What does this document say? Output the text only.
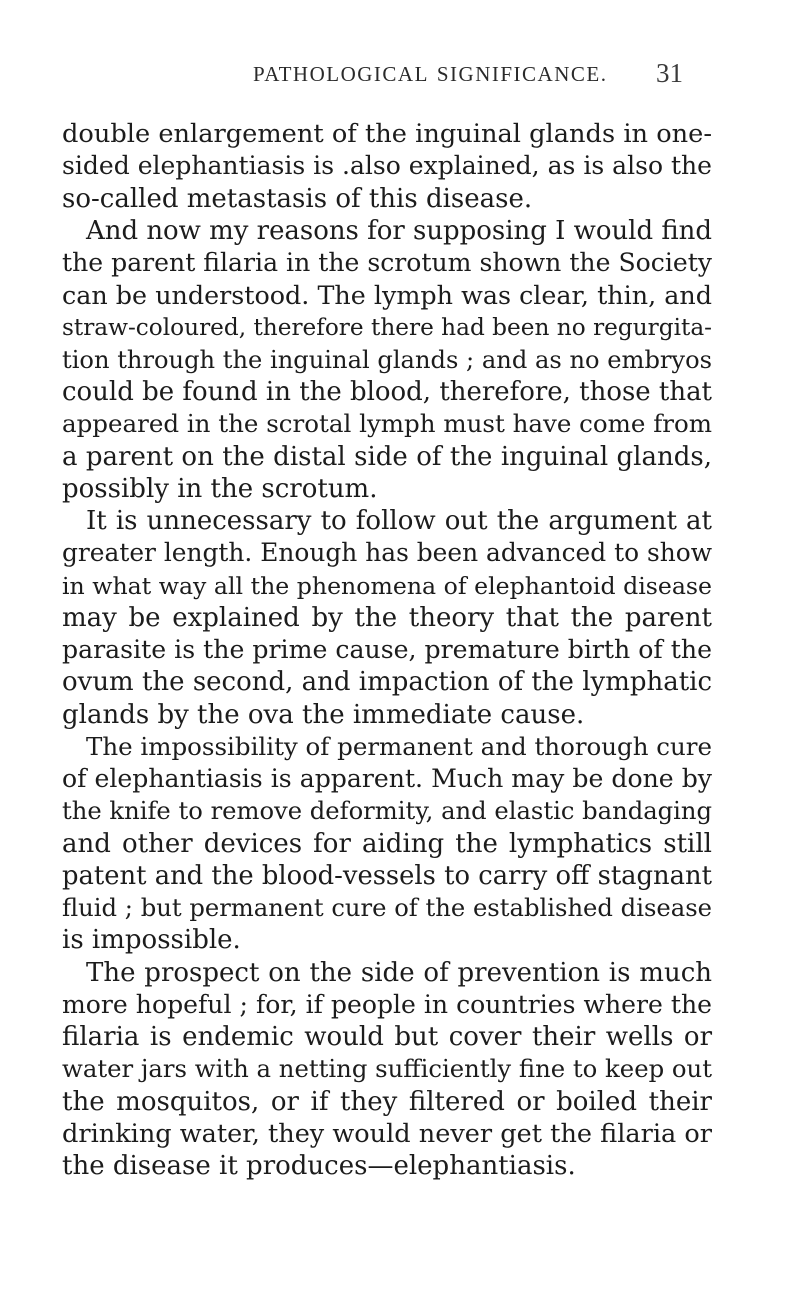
PATHOLOGICAL SIGNIFICANCE. 31
double enlargement of the inguinal glands in one-
sided elephantiasis is .also explained, as is also the
so-called metastasis of this disease.
And now my reasons for supposing I would find
the parent filaria in the scrotum shown the Society
can be understood. The lymph was clear, thin, and
straw-coloured, therefore there had been no regurgita-
tion through the inguinal glands ; and as no embryos
could be found in the blood, therefore, those that
appeared in the scrotal lymph must have come from
a parent on the distal side of the inguinal glands,
possibly in the scrotum.
It is unnecessary to follow out the argument at
greater length. Enough has been advanced to show
in what way all the phenomena of elephantoid disease
may be explained by the theory that the parent
parasite is the prime cause, premature birth of the
ovum the second, and impaction of the lymphatic
glands by the ova the immediate cause.
The impossibility of permanent and thorough cure
of elephantiasis is apparent. Much may be done by
the knife to remove deformity, and elastic bandaging
and other devices for aiding the lymphatics still
patent and the blood-vessels to carry off stagnant
fluid ; but permanent cure of the established disease
is impossible.
The prospect on the side of prevention is much
more hopeful ; for, if people in countries where the
filaria is endemic would but cover their wells or
water jars with a netting sufficiently fine to keep out
the mosquitos, or if they filtered or boiled their
drinking water, they would never get the filaria or
the disease it produces—elephantiasis.
